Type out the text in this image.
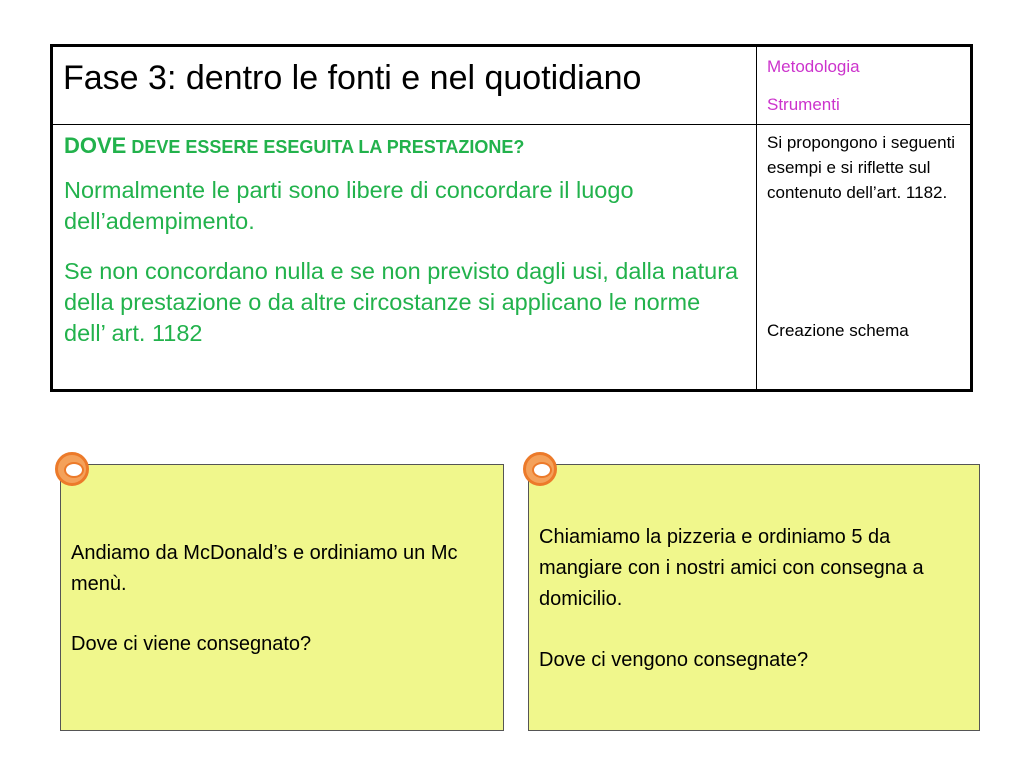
Fase 3: dentro le fonti e nel quotidiano	Metodologia
Strumenti
DOVE DEVE ESSERE ESEGUITA LA PRESTAZIONE?
Normalmente le parti sono libere di concordare il luogo dell’adempimento.
Se non concordano nulla e se non previsto dagli usi, dalla natura della prestazione o da altre circostanze si applicano le norme dell’ art. 1182
Si propongono i seguenti esempi e si riflette sul contenuto dell’art. 1182.
Creazione schema
Andiamo da McDonald’s e ordiniamo un Mc menù.
Dove ci viene consegnato?
Chiamiamo la pizzeria e ordiniamo 5 da mangiare con i nostri amici con consegna a domicilio.
Dove ci vengono consegnate?
